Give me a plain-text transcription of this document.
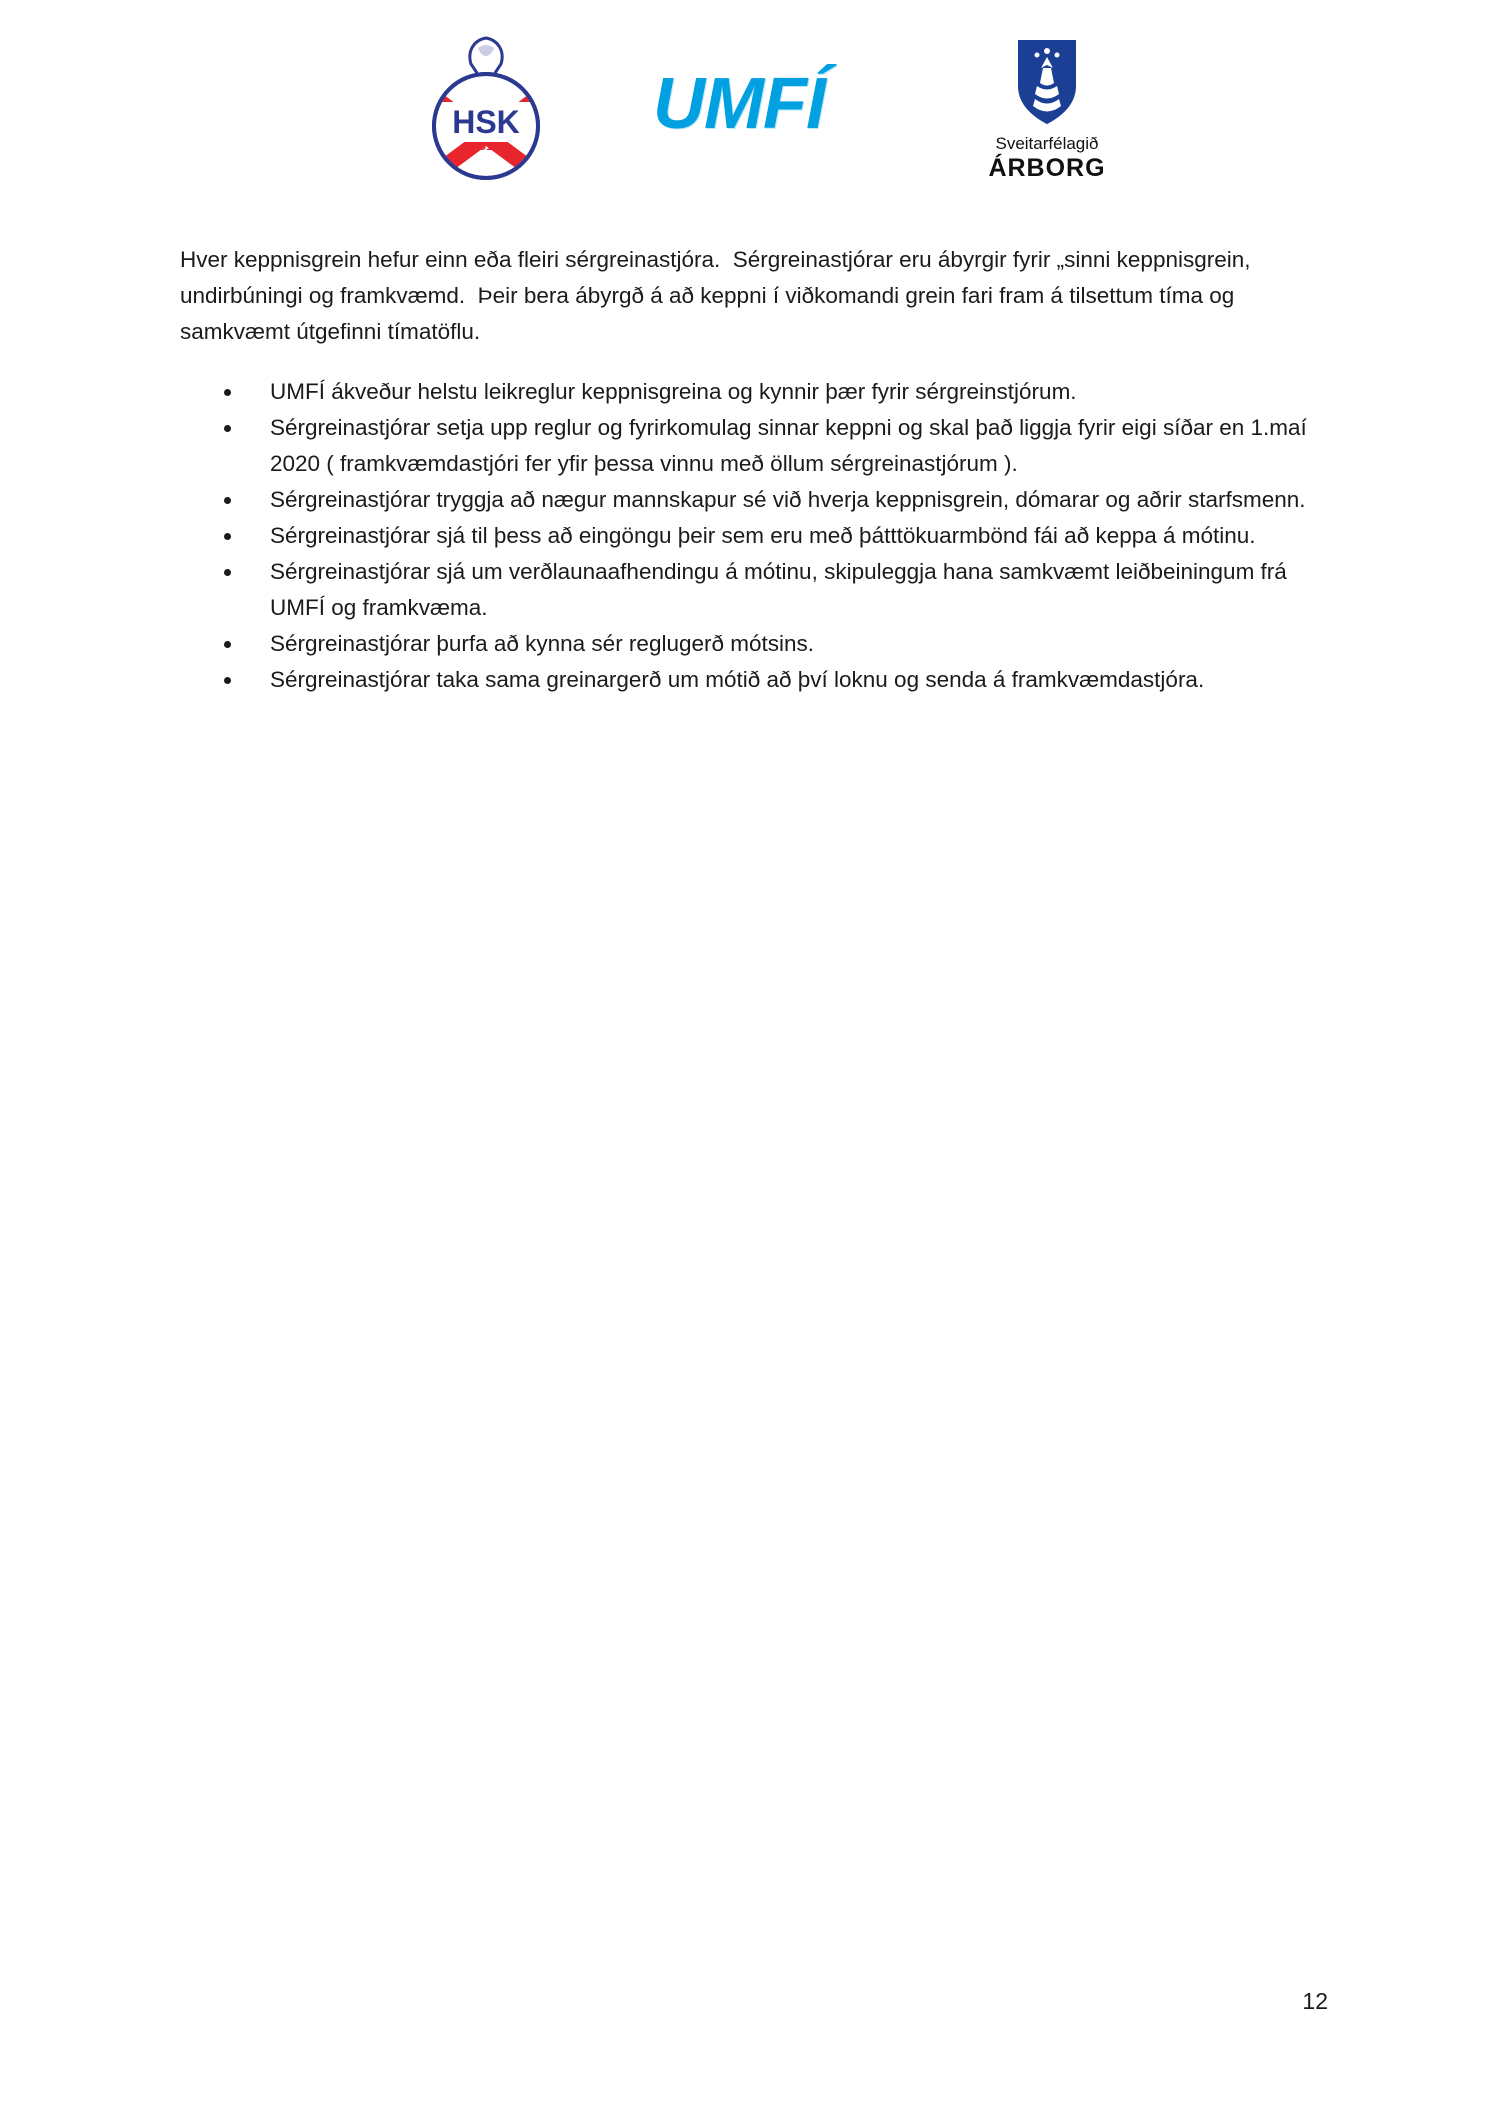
HSK
1910
UMFÍ	Sveitarfélagið
ÁRBORG

Hver keppnisgrein hefur einn eða fleiri sérgreinastjóra.  Sérgreinastjórar eru ábyrgir fyrir „sinni keppnisgrein, undirbúningi og framkvæmd.  Þeir bera ábyrgð á að keppni í viðkomandi grein fari fram á tilsettum tíma og  samkvæmt útgefinni tímatöflu.

UMFÍ ákveður helstu leikreglur keppnisgreina og kynnir þær fyrir sérgreinstjórum.
Sérgreinastjórar setja upp reglur og fyrirkomulag sinnar keppni og skal það liggja fyrir eigi síðar en 1.maí 2020 ( framkvæmdastjóri fer yfir þessa vinnu með öllum sérgreinastjórum ).
Sérgreinastjórar tryggja að nægur mannskapur sé við hverja keppnisgrein, dómarar og aðrir starfsmenn.
Sérgreinastjórar sjá til þess að eingöngu þeir sem eru með þátttökuarmbönd fái að keppa á mótinu.
Sérgreinastjórar sjá um verðlaunaafhendingu á mótinu, skipuleggja hana samkvæmt leiðbeiningum frá UMFÍ og framkvæma.
Sérgreinastjórar þurfa að kynna sér reglugerð mótsins.
Sérgreinastjórar taka sama greinargerð um mótið að því loknu og senda á framkvæmdastjóra.
12
